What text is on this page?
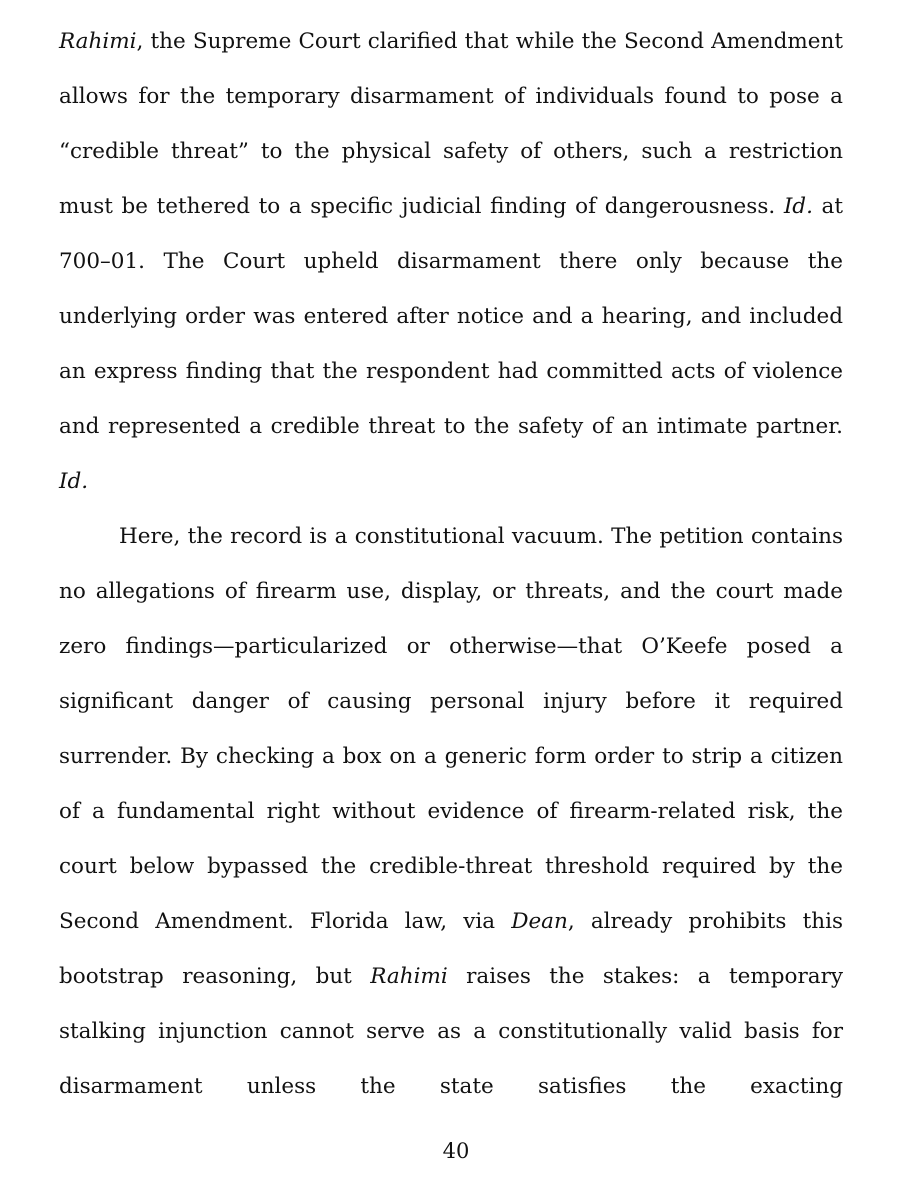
Rahimi, the Supreme Court clarified that while the Second Amendment allows for the temporary disarmament of individuals found to pose a “credible threat” to the physical safety of others, such a restriction must be tethered to a specific judicial finding of dangerousness. Id. at 700–01. The Court upheld disarmament there only because the underlying order was entered after notice and a hearing, and included an express finding that the respondent had committed acts of violence and represented a credible threat to the safety of an intimate partner. Id.

Here, the record is a constitutional vacuum. The petition contains no allegations of firearm use, display, or threats, and the court made zero findings—particularized or otherwise—that O’Keefe posed a significant danger of causing personal injury before it required surrender. By checking a box on a generic form order to strip a citizen of a fundamental right without evidence of firearm-related risk, the court below bypassed the credible-threat threshold required by the Second Amendment. Florida law, via Dean, already prohibits this bootstrap reasoning, but Rahimi raises the stakes: a temporary stalking injunction cannot serve as a constitutionally valid basis for disarmament unless the state satisfies the exacting

40
